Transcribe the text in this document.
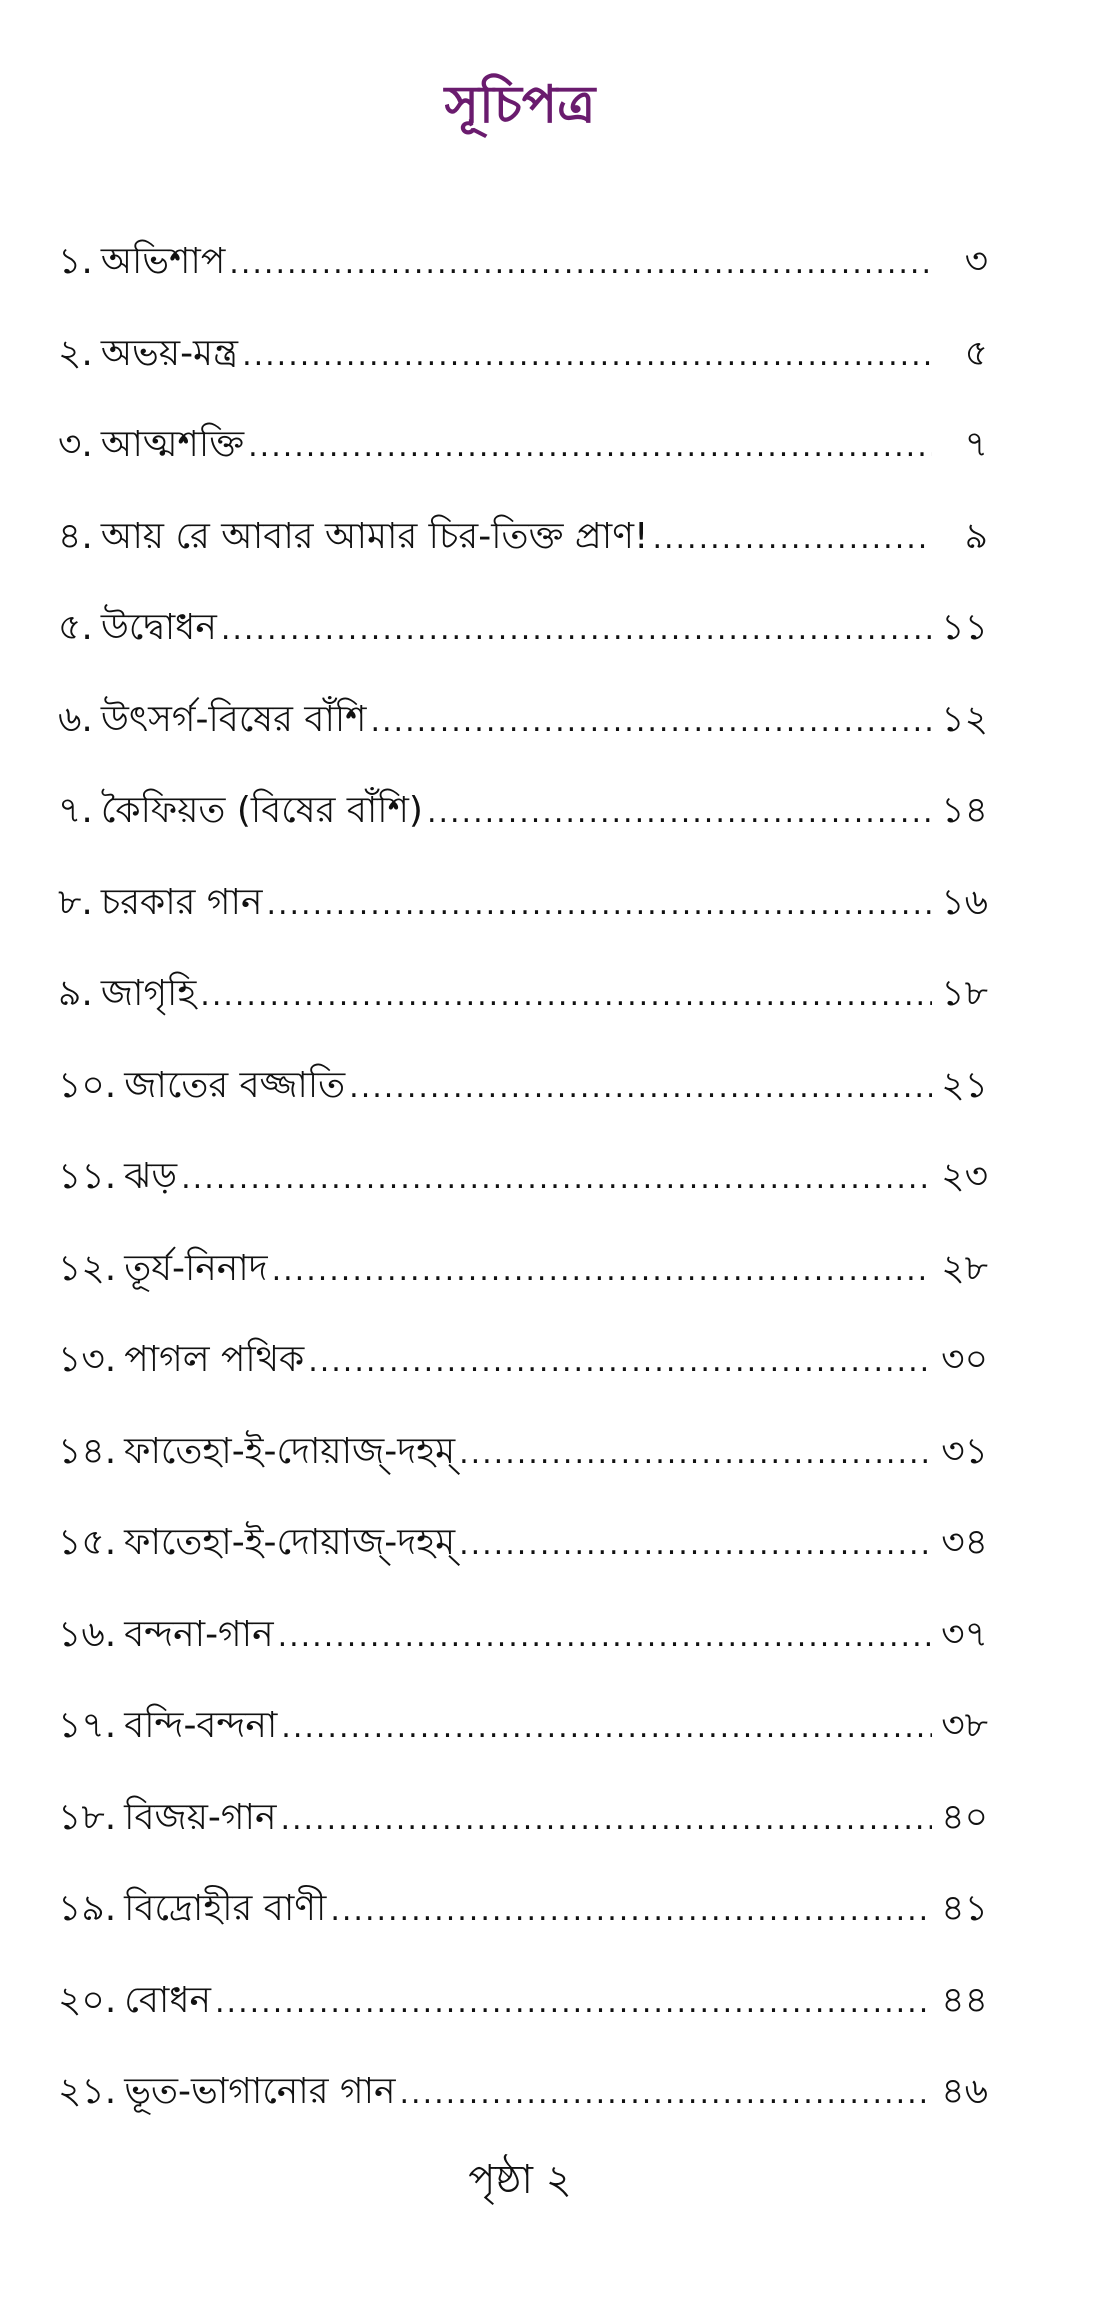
সূচিপত্র
১. অভিশাপ .....	৩
২. অভয়-মন্ত্র .....	৫
৩. আত্মশক্তি .....	৭
৪. আয় রে আবার আমার চির-তিক্ত প্রাণ! .....	৯
৫. উদ্বোধন .....	১১
৬. উৎসর্গ-বিষের বাঁশি .....	১২
৭. কৈফিয়ত (বিষের বাঁশি) .....	১৪
৮. চরকার গান .....	১৬
৯. জাগৃহি .....	১৮
১০. জাতের বজ্জাতি .....	২১
১১. ঝড় .....	২৩
১২. তূর্য-নিনাদ .....	২৮
১৩. পাগল পথিক .....	৩০
১৪. ফাতেহা-ই-দোয়াজ্-দহম্ .....	৩১
১৫. ফাতেহা-ই-দোয়াজ্-দহম্ .....	৩৪
১৬. বন্দনা-গান .....	৩৭
১৭. বন্দি-বন্দনা .....	৩৮
১৮. বিজয়-গান .....	৪০
১৯. বিদ্রোহীর বাণী .....	৪১
২০. বোধন .....	৪৪
২১. ভূত-ভাগানোর গান .....	৪৬
পৃষ্ঠা ২
